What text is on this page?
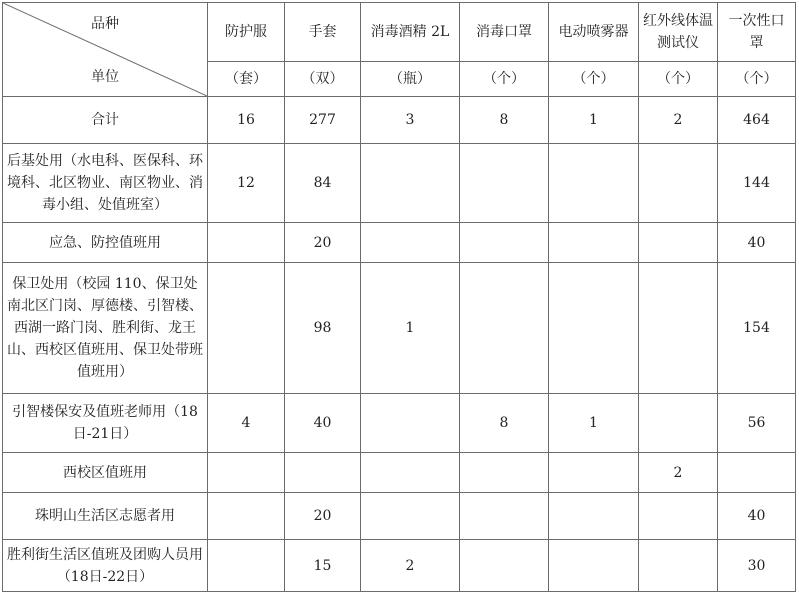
品种
单位	防护服	手套	消毒酒精 2L	消毒口罩	电动喷雾器	红外线体温测试仪	一次性口罩
	（套）	（双）	（瓶）	（个）	（个）	（个）	（个）
合计	16	277	3	8	1	2	464
后基处用（水电科、医保科、环境科、北区物业、南区物业、消毒小组、处值班室）	12	84					144
应急、防控值班用		20					40
保卫处用（校园 110、保卫处南北区门岗、厚德楼、引智楼、西湖一路门岗、胜利街、龙王山、西校区值班用、保卫处带班值班用）		98	1				154
引智楼保安及值班老师用（18日-21日）	4	40		8	1		56
西校区值班用						2	
珠明山生活区志愿者用		20					40
胜利街生活区值班及团购人员用（18日-22日）		15	2				30
